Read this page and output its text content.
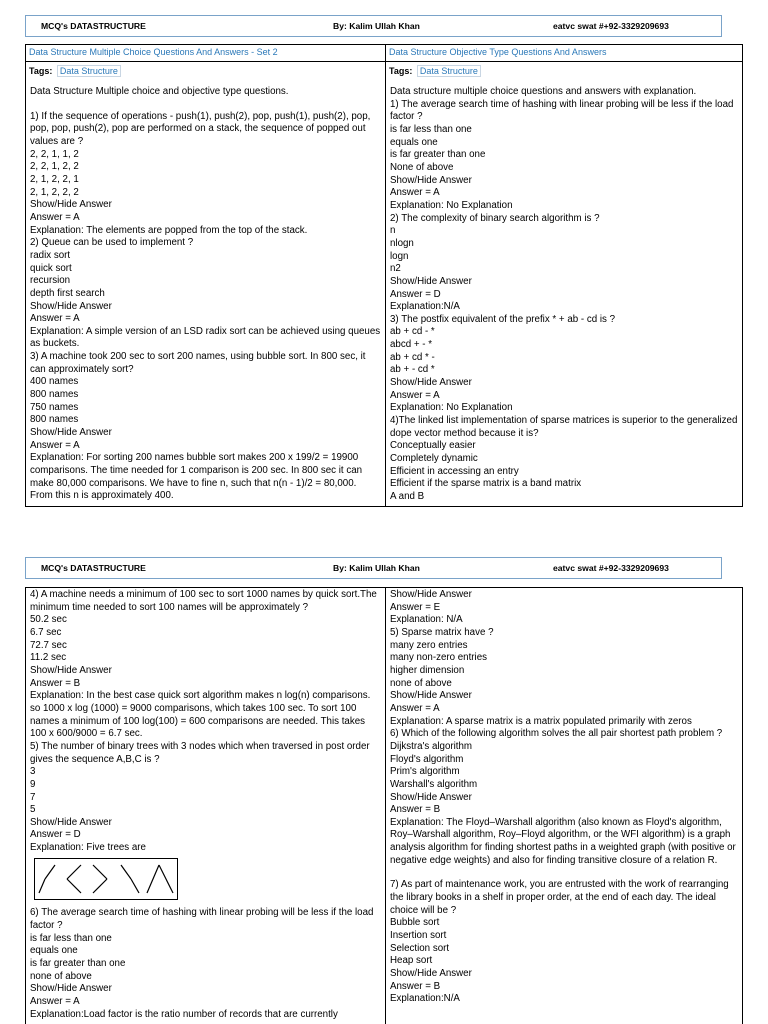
MCQ's DATASTRUCTURE	By: Kalim Ullah Khan	eatvc swat #+92-3329209693
Data Structure Multiple Choice Questions And Answers - Set 2
Tags: Data Structure
Data Structure Multiple choice and objective type questions.
1) If the sequence of operations - push(1), push(2), pop, push(1), push(2), pop, pop, pop, push(2), pop are performed on a stack, the sequence of popped out values are ?
2, 2, 1, 1, 2
2, 2, 1, 2, 2
2, 1, 2, 2, 1
2, 1, 2, 2, 2
Show/Hide Answer
Answer = A
Explanation: The elements are popped from the top of the stack.
2) Queue can be used to implement ?
radix sort
quick sort
recursion
depth first search
Show/Hide Answer
Answer = A
Explanation: A simple version of an LSD radix sort can be achieved using queues as buckets.
3) A machine took 200 sec to sort 200 names, using bubble sort. In 800 sec, it can approximately sort?
400 names
800 names
750 names
800 names
Show/Hide Answer
Answer = A
Explanation: For sorting 200 names bubble sort makes 200 x 199/2 = 19900 comparisons. The time needed for 1 comparison is 200 sec. In 800 sec it can make 80,000 comparisons. We have to fine n, such that n(n - 1)/2 = 80,000. From this n is approximately 400.
Data Structure Objective Type Questions And Answers
Tags: Data Structure
Data structure multiple choice questions and answers with explanation.
1) The average search time of hashing with linear probing will be less if the load factor ?
is far less than one
equals one
is far greater than one
None of above
Show/Hide Answer
Answer = A
Explanation: No Explanation
2) The complexity of binary search algorithm is ?
n
nlogn
logn
n2
Show/Hide Answer
Answer = D
Explanation:N/A
3) The postfix equivalent of the prefix * + ab - cd is ?
ab + cd - *
abcd + - *
ab + cd * -
ab + - cd *
Show/Hide Answer
Answer = A
Explanation: No Explanation
4)The linked list implementation of sparse matrices is superior to the generalized dope vector method because it is?
Conceptually easier
Completely dynamic
Efficient in accessing an entry
Efficient if the sparse matrix is a band matrix
A and B
MCQ's DATASTRUCTURE	By: Kalim Ullah Khan	eatvc swat #+92-3329209693
4) A machine needs a minimum of 100 sec to sort 1000 names by quick sort.The minimum time needed to sort 100 names will be approximately ?
50.2 sec
6.7 sec
72.7 sec
11.2 sec
Show/Hide Answer
Answer = B
Explanation: In the best case quick sort algorithm makes n log(n) comparisons. so 1000 x log (1000) = 9000 comparisons, which takes 100 sec. To sort 100 names a minimum of 100 log(100) = 600 comparisons are needed. This takes 100 x 600/9000 = 6.7 sec.
5) The number of binary trees with 3 nodes which when traversed in post order gives the sequence A,B,C is ?
3
9
7
5
Show/Hide Answer
Answer = D
Explanation: Five trees are
6) The average search time of hashing with linear probing will be less if the load factor ?
is far less than one
equals one
is far greater than one
none of above
Show/Hide Answer
Answer = A
Explanation:Load factor is the ratio number of records that are currently
Show/Hide Answer
Answer = E
Explanation: N/A
5) Sparse matrix have ?
many zero entries
many non-zero entries
higher dimension
none of above
Show/Hide Answer
Answer = A
Explanation: A sparse matrix is a matrix populated primarily with zeros
6) Which of the following algorithm solves the all pair shortest path problem ?
Dijkstra's algorithm
Floyd's algorithm
Prim's algorithm
Warshall's algorithm
Show/Hide Answer
Answer = B
Explanation: The Floyd–Warshall algorithm (also known as Floyd's algorithm, Roy–Warshall algorithm, Roy–Floyd algorithm, or the WFI algorithm) is a graph analysis algorithm for finding shortest paths in a weighted graph (with positive or negative edge weights) and also for finding transitive closure of a relation R.
7) As part of maintenance work, you are entrusted with the work of rearranging the library books in a shelf in proper order, at the end of each day. The ideal choice will be ?
Bubble sort
Insertion sort
Selection sort
Heap sort
Show/Hide Answer
Answer = B
Explanation:N/A
